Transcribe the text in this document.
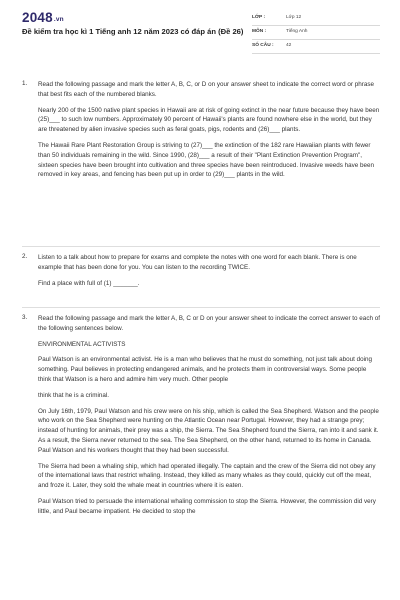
2048.vn
Đề kiểm tra học kì 1 Tiếng anh 12 năm 2023 có đáp án (Đề 26)
LỚP :	Lớp 12
MÔN :	Tiếng Anh
SỐ CÂU :	42
1. Read the following passage and mark the letter A, B, C, or D on your answer sheet to indicate the correct word or phrase that best fits each of the numbered blanks.

Nearly 200 of the 1500 native plant species in Hawaii are at risk of going extinct in the near future because they have been (25)___ to such low numbers. Approximately 90 percent of Hawaii's plants are found nowhere else in the world, but they are threatened by alien invasive species such as feral goats, pigs, rodents and (26)___ plants.

The Hawaii Rare Plant Restoration Group is striving to (27)___ the extinction of the 182 rare Hawaiian plants with fewer than 50 individuals remaining in the wild. Since 1990, (28)___ a result of their "Plant Extinction Prevention Program", sixteen species have been brought into cultivation and three species have been reintroduced. Invasive weeds have been removed in key areas, and fencing has been put up in order to (29)___ plants in the wild.

2. Listen to a talk about how to prepare for exams and complete the notes with one word for each blank. There is one example that has been done for you. You can listen to the recording TWICE.

Find a place with full of (1) _______.

3. Read the following passage and mark the letter A, B, C or D on your answer sheet to indicate the correct answer to each of the following sentences below.

ENVIRONMENTAL ACTIVISTS

Paul Watson is an environmental activist. He is a man who believes that he must do something, not just talk about doing something. Paul believes in protecting endangered animals, and he protects them in controversial ways. Some people think that Watson is a hero and admire him very much. Other people

think that he is a criminal.

On July 16th, 1979, Paul Watson and his crew were on his ship, which is called the Sea Shepherd. Watson and the people who work on the Sea Shepherd were hunting on the Atlantic Ocean near Portugal. However, they had a strange prey; instead of hunting for animals, their prey was a ship, the Sierra. The Sea Shepherd found the Sierra, ran into it and sank it. As a result, the Sierra never returned to the sea. The Sea Shepherd, on the other hand, returned to its home in Canada. Paul Watson and his workers thought that they had been successful.

The Sierra had been a whaling ship, which had operated illegally. The captain and the crew of the Sierra did not obey any of the international laws that restrict whaling. Instead, they killed as many whales as they could, quickly cut off the meat, and froze it. Later, they sold the whale meat in countries where it is eaten.

Paul Watson tried to persuade the international whaling commission to stop the Sierra. However, the commission did very little, and Paul became impatient. He decided to stop the
